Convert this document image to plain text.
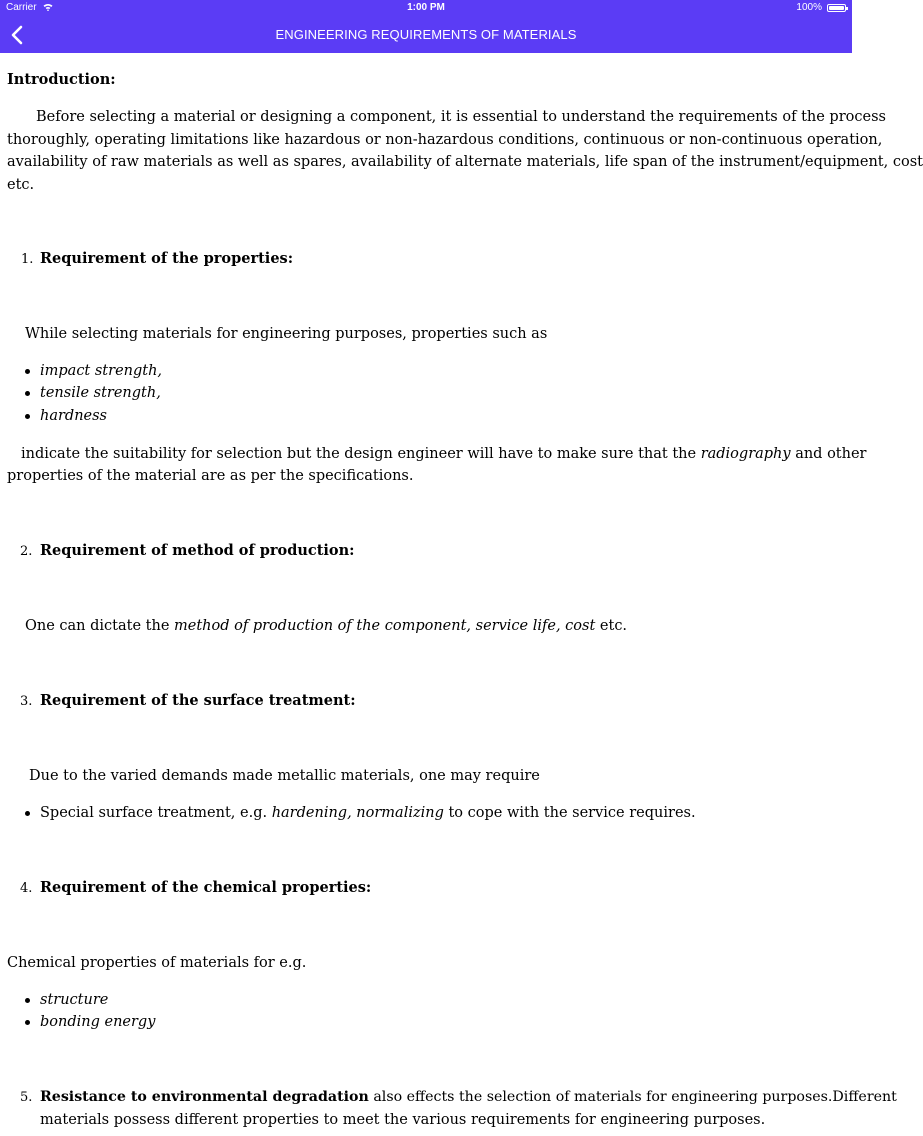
Carrier	1:00 PM	100%
ENGINEERING REQUIREMENTS OF MATERIALS
Introduction:
Before selecting a material or designing a component, it is essential to understand the requirements of the process
thoroughly, operating limitations like hazardous or non-hazardous conditions, continuous or non-continuous operation,
availability of raw materials as well as spares, availability of alternate materials, life span of the instrument/equipment, cost
etc.
1. Requirement of the properties:
While selecting materials for engineering purposes, properties such as
impact strength,
tensile strength,
hardness
indicate the suitability for selection but the design engineer will have to make sure that the radiography and other
properties of the material are as per the specifications.
2. Requirement of method of production:
One can dictate the method of production of the component, service life, cost etc.
3. Requirement of the surface treatment:
Due to the varied demands made metallic materials, one may require
Special surface treatment, e.g. hardening, normalizing to cope with the service requires.
4. Requirement of the chemical properties:
Chemical properties of materials for e.g.
structure
bonding energy
5. Resistance to environmental degradation also effects the selection of materials for engineering purposes.Different
materials possess different properties to meet the various requirements for engineering purposes.
